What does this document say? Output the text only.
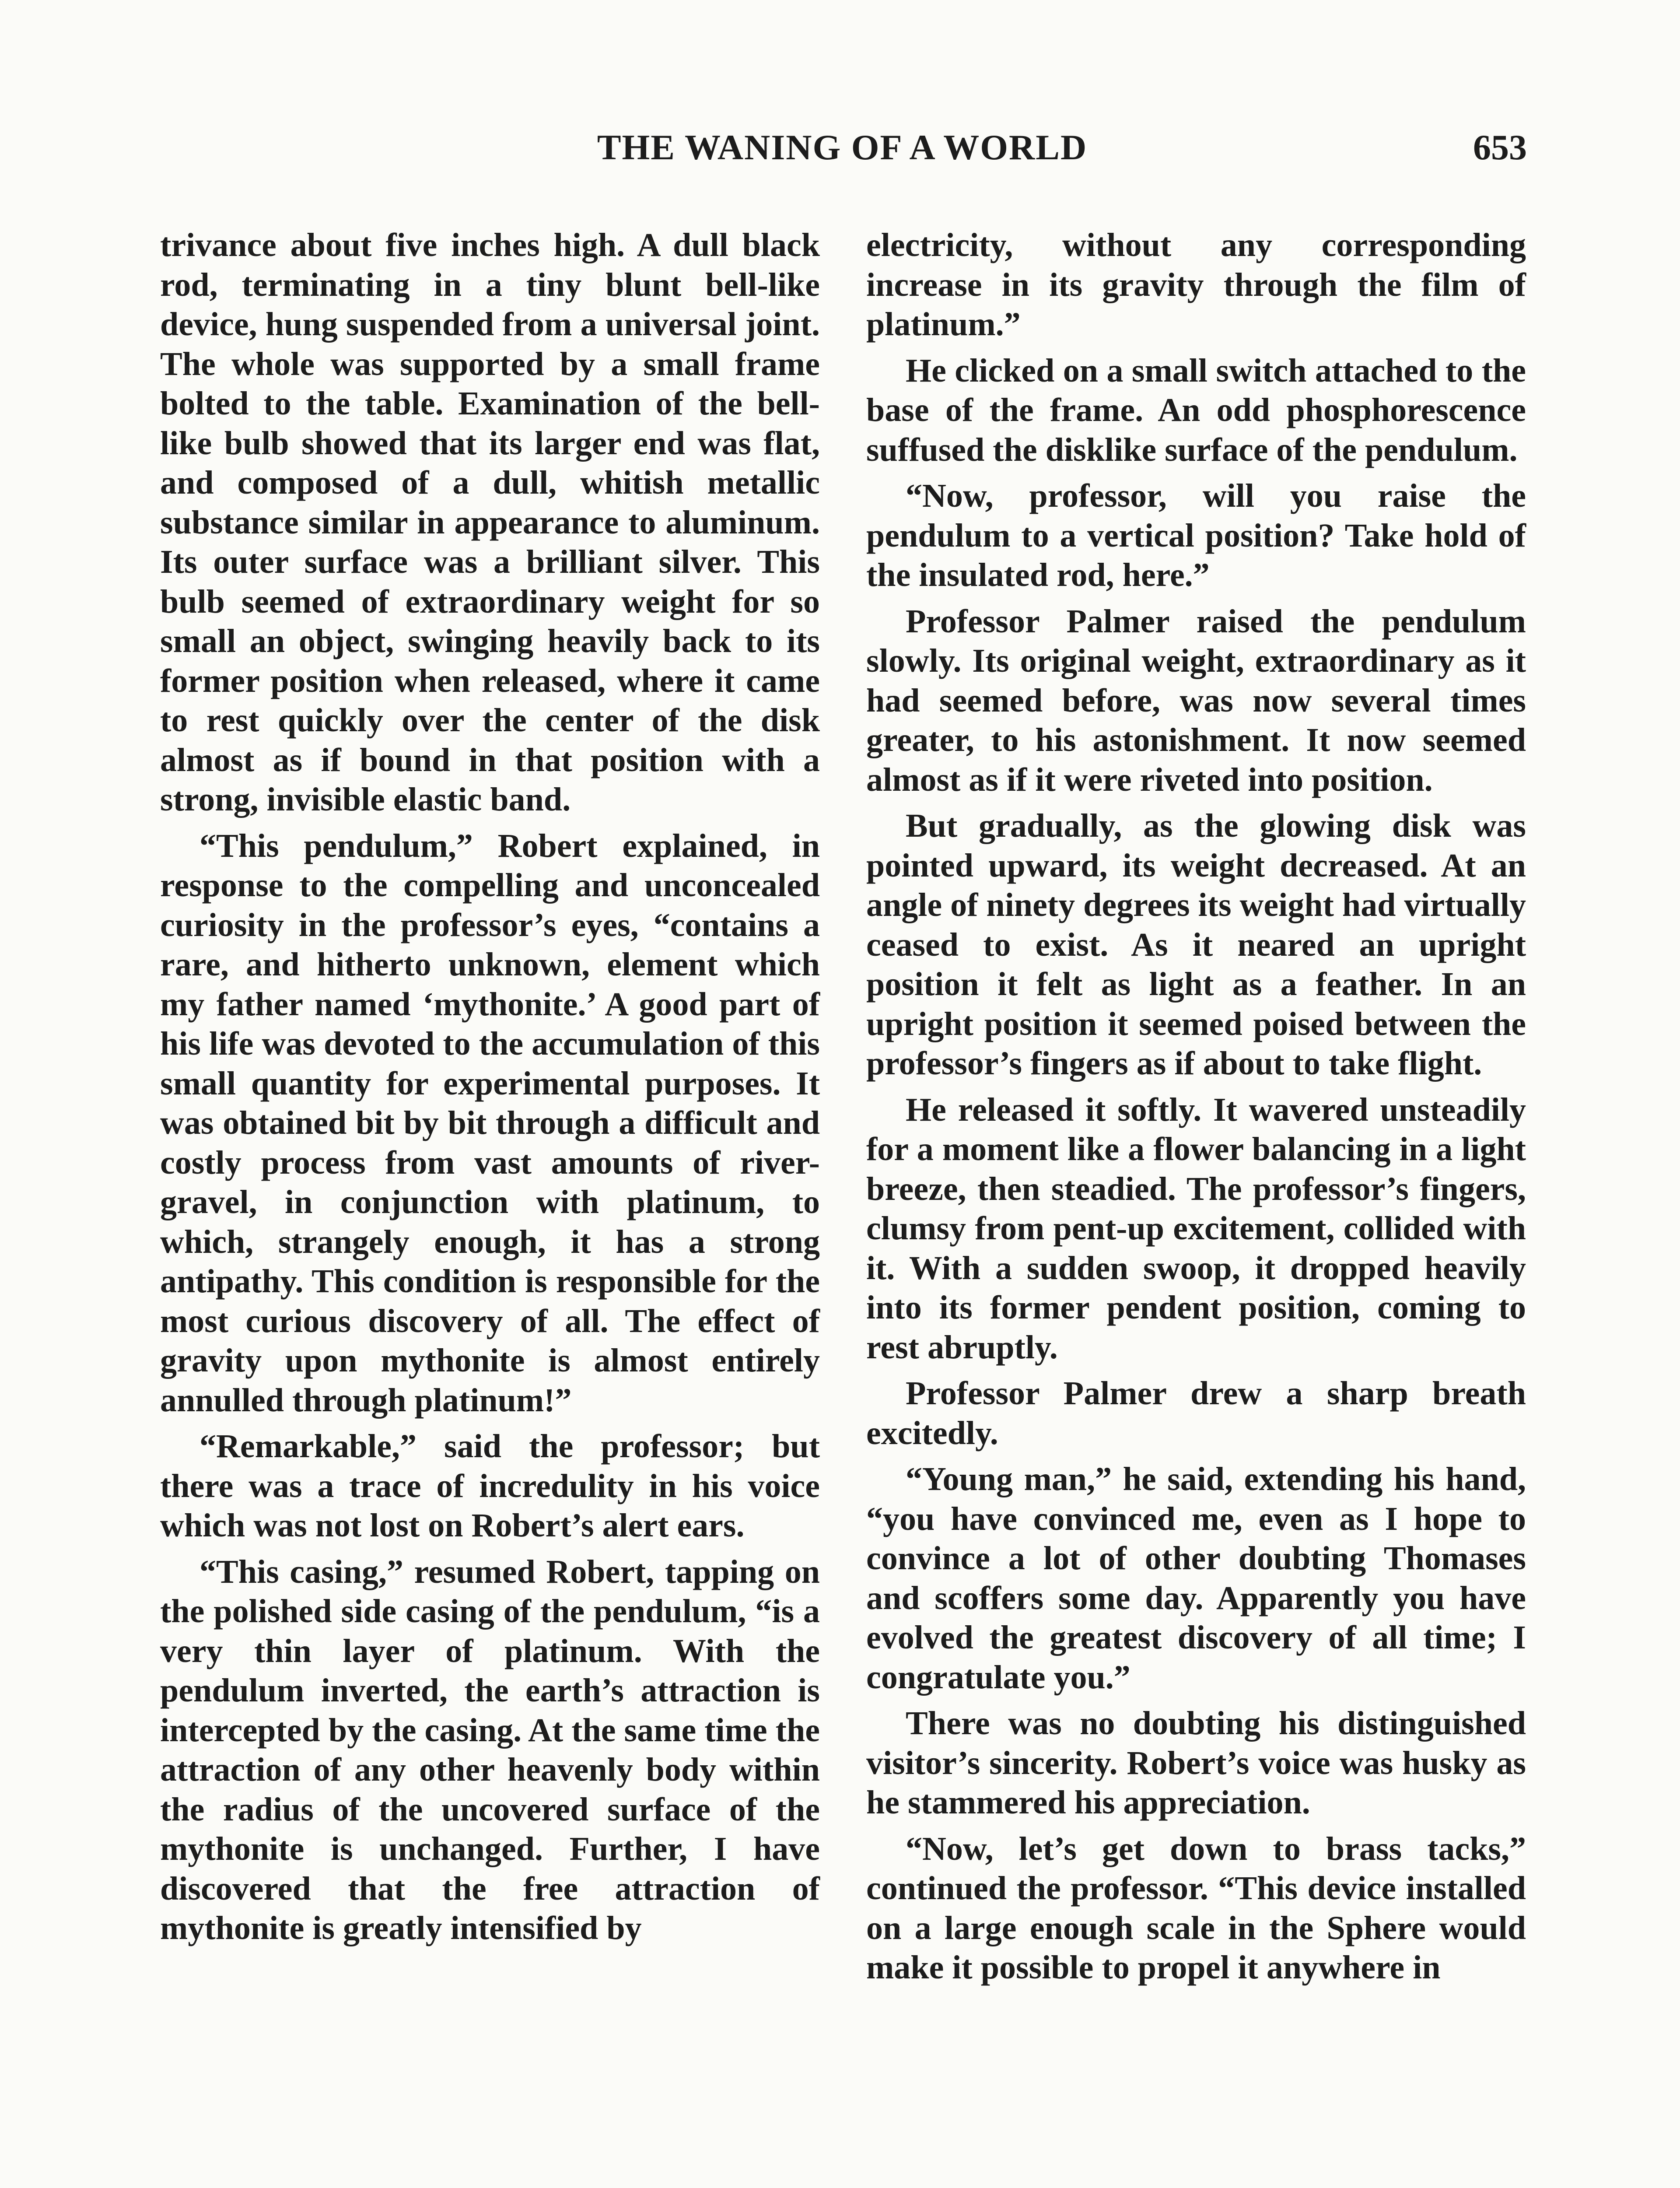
THE WANING OF A WORLD	653

trivance about five inches high. A dull black rod, terminating in a tiny blunt bell-like device, hung suspended from a universal joint. The whole was supported by a small frame bolted to the table. Examination of the bell-like bulb showed that its larger end was flat, and composed of a dull, whitish metallic substance similar in appearance to aluminum. Its outer surface was a brilliant silver. This bulb seemed of extraordinary weight for so small an object, swinging heavily back to its former position when released, where it came to rest quickly over the center of the disk almost as if bound in that position with a strong, invisible elastic band.

“This pendulum,” Robert explained, in response to the compelling and unconcealed curiosity in the professor’s eyes, “contains a rare, and hitherto unknown, element which my father named ‘mythonite.’ A good part of his life was devoted to the accumulation of this small quantity for experimental purposes. It was obtained bit by bit through a difficult and costly process from vast amounts of river-gravel, in conjunction with platinum, to which, strangely enough, it has a strong antipathy. This condition is responsible for the most curious discovery of all. The effect of gravity upon mythonite is almost entirely annulled through platinum!”

“Remarkable,” said the professor; but there was a trace of incredulity in his voice which was not lost on Robert’s alert ears.

“This casing,” resumed Robert, tapping on the polished side casing of the pendulum, “is a very thin layer of platinum. With the pendulum inverted, the earth’s attraction is intercepted by the casing. At the same time the attraction of any other heavenly body within the radius of the uncovered surface of the mythonite is unchanged. Further, I have discovered that the free attraction of mythonite is greatly intensified by

electricity, without any corresponding increase in its gravity through the film of platinum.”

He clicked on a small switch attached to the base of the frame. An odd phosphorescence suffused the disklike surface of the pendulum.

“Now, professor, will you raise the pendulum to a vertical position? Take hold of the insulated rod, here.”

Professor Palmer raised the pendulum slowly. Its original weight, extraordinary as it had seemed before, was now several times greater, to his astonishment. It now seemed almost as if it were riveted into position.

But gradually, as the glowing disk was pointed upward, its weight decreased. At an angle of ninety degrees its weight had virtually ceased to exist. As it neared an upright position it felt as light as a feather. In an upright position it seemed poised between the professor’s fingers as if about to take flight.

He released it softly. It wavered unsteadily for a moment like a flower balancing in a light breeze, then steadied. The professor’s fingers, clumsy from pent-up excitement, collided with it. With a sudden swoop, it dropped heavily into its former pendent position, coming to rest abruptly.

Professor Palmer drew a sharp breath excitedly.

“Young man,” he said, extending his hand, “you have convinced me, even as I hope to convince a lot of other doubting Thomases and scoffers some day. Apparently you have evolved the greatest discovery of all time; I congratulate you.”

There was no doubting his distinguished visitor’s sincerity. Robert’s voice was husky as he stammered his appreciation.

“Now, let’s get down to brass tacks,” continued the professor. “This device installed on a large enough scale in the Sphere would make it possible to propel it anywhere in
